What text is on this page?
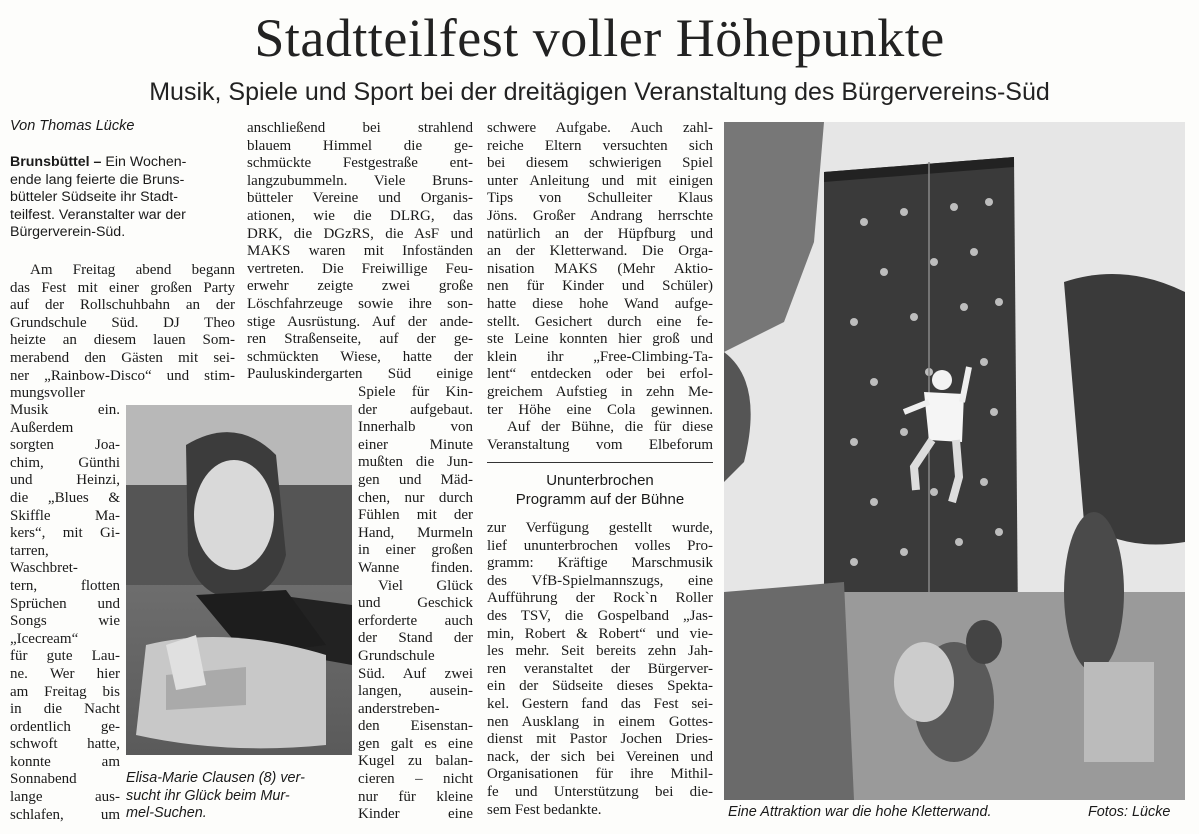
Stadtteilfest voller Höhepunkte
Musik, Spiele und Sport bei der dreitägigen Veranstaltung des Bürgervereins-Süd
Von Thomas Lücke

Brunsbüttel – Ein Wochen-

ende lang feierte die Bruns-

bütteler Südseite ihr Stadt-

teilfest. Veranstalter war der

Bürgerverein-Süd.

Am Freitag abend begann

das Fest mit einer großen Party

auf der Rollschuhbahn an der

Grundschule Süd. DJ Theo

heizte an diesem lauen Som-

merabend den Gästen mit sei-

ner „Rainbow-Disco“ und stim-

mungsvoller

Musik ein.

Außerdem

sorgten Joa-

chim, Günthi

und Heinzi,

die „Blues &

Skiffle Ma-

kers“, mit Gi-

tarren,

Waschbret-

tern, flotten

Sprüchen und

Songs wie

„Icecream“

für gute Lau-

ne. Wer hier

am Freitag bis

in die Nacht

ordentlich ge-

schwoft hatte,

konnte am

Sonnabend

lange aus-

schlafen, um

anschließend bei strahlend

blauem Himmel die ge-

schmückte Festgestraße ent-

langzubummeln. Viele Bruns-

bütteler Vereine und Organis-

ationen, wie die DLRG, das

DRK, die DGzRS, die AsF und

MAKS waren mit Infoständen

vertreten. Die Freiwillige Feu-

erwehr zeigte zwei große

Löschfahrzeuge sowie ihre son-

stige Ausrüstung. Auf der ande-

ren Straßenseite, auf der ge-

schmückten Wiese, hatte der

Pauluskindergarten Süd einige

Spiele für Kin-

der aufgebaut.

Innerhalb von

einer Minute

mußten die Jun-

gen und Mäd-

chen, nur durch

Fühlen mit der

Hand, Murmeln

in einer großen

Wanne finden.

Viel Glück

und Geschick

erforderte auch

der Stand der

Grundschule

Süd. Auf zwei

langen, ausein-

anderstreben-

den Eisenstan-

gen galt es eine

Kugel zu balan-

cieren – nicht

nur für kleine

Kinder eine

schwere Aufgabe. Auch zahl-

reiche Eltern versuchten sich

bei diesem schwierigen Spiel

unter Anleitung und mit einigen

Tips von Schulleiter Klaus

Jöns. Großer Andrang herrschte

natürlich an der Hüpfburg und

an der Kletterwand. Die Orga-

nisation MAKS (Mehr Aktio-

nen für Kinder und Schüler)

hatte diese hohe Wand aufge-

stellt. Gesichert durch eine fe-

ste Leine konnten hier groß und

klein ihr „Free-Climbing-Ta-

lent“ entdecken oder bei erfol-

greichem Aufstieg in zehn Me-

ter Höhe eine Cola gewinnen.

Auf der Bühne, die für diese

Veranstaltung vom Elbeforum

Ununterbrochen
Programm auf der Bühne

zur Verfügung gestellt wurde,

lief ununterbrochen volles Pro-

gramm: Kräftige Marschmusik

des VfB-Spielmannszugs, eine

Aufführung der Rock`n Roller

des TSV, die Gospelband „Jas-

min, Robert & Robert“ und vie-

les mehr. Seit bereits zehn Jah-

ren veranstaltet der Bürgerver-

ein der Südseite dieses Spekta-

kel. Gestern fand das Fest sei-

nen Ausklang in einem Gottes-

dienst mit Pastor Jochen Dries-

nack, der sich bei Vereinen und

Organisationen für ihre Mithil-

fe und Unterstützung bei die-

sem Fest bedankte.

Elisa-Marie Clausen (8) ver-
sucht ihr Glück beim Mur-
mel-Suchen.	Eine Attraktion war die hohe Kletterwand.	Fotos: Lücke
